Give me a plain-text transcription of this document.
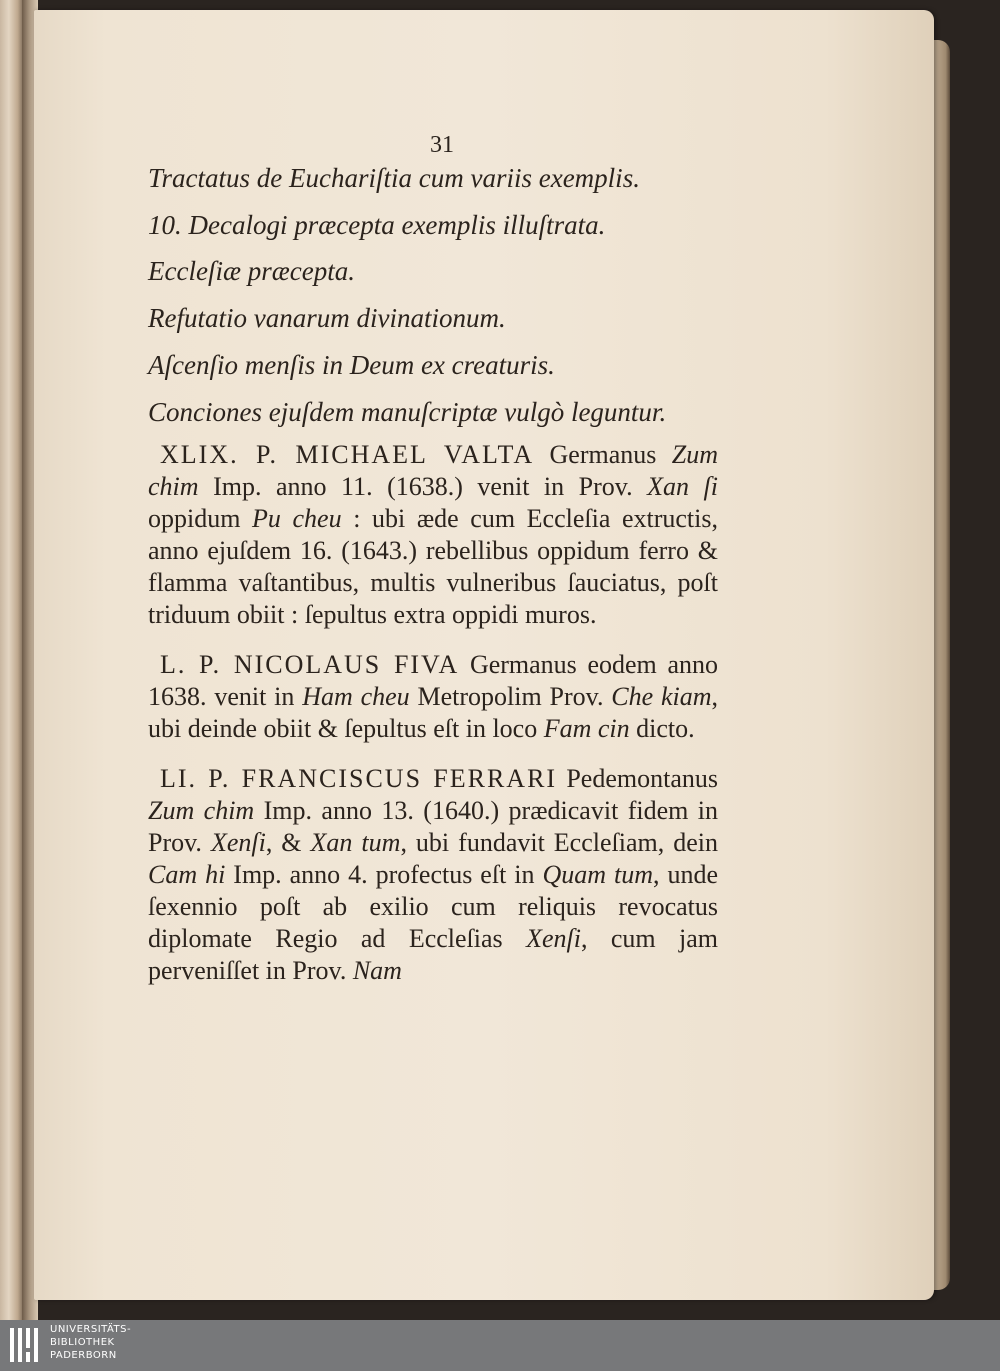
31

Tractatus de Euchariſtia cum variis exemplis.

10. Decalogi præcepta exemplis illuſtrata.

Eccleſiæ præcepta.

Refutatio vanarum divinationum.

Aſcenſio menſis in Deum ex creaturis.

Conciones ejuſdem manuſcriptæ vulgò leguntur.

XLIX. P. MICHAEL VALTA Germanus Zum chim Imp. anno 11. (1638.) venit in Prov. Xan ſi oppidum Pu cheu : ubi æde cum Eccleſia extructis, anno ejuſdem 16. (1643.) rebellibus oppidum ferro & flamma vaſtantibus, multis vulneribus ſauciatus, poſt triduum obiit : ſepultus extra oppidi muros.

L. P. NICOLAUS FIVA Germanus eodem anno 1638. venit in Ham cheu Metropolim Prov. Che kiam, ubi deinde obiit & ſepultus eſt in loco Fam cin dicto.

LI. P. FRANCISCUS FERRARI Pedemontanus Zum chim Imp. anno 13. (1640.) prædicavit fidem in Prov. Xenſi, & Xan tum, ubi fundavit Eccleſiam, dein Cam hi Imp. anno 4. profectus eſt in Quam tum, unde ſexennio poſt ab exilio cum reliquis revocatus diplomate Regio ad Eccleſias Xenſi, cum jam perveniſſet in Prov. Nam

UNIVERSITÄTS-
BIBLIOTHEK
PADERBORN
